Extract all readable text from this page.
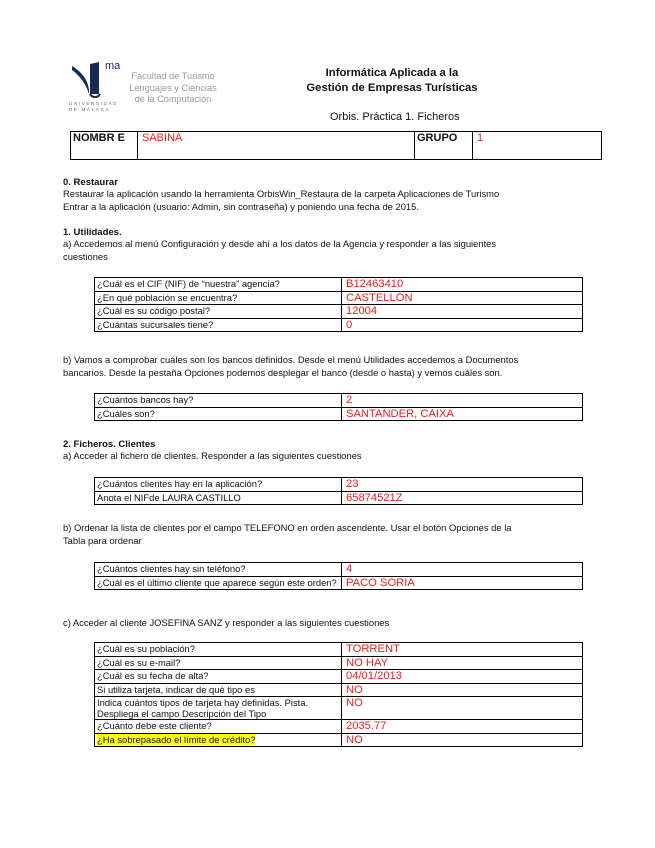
ma
Facultad de Turismo
Lenguajes y Ciencias
de la Computación
UNIVERSIDAD
DE MÁLAGA
Informática Aplicada a la
Gestión de Empresas Turísticas
Orbis. Práctica 1. Ficheros
NOMBR E	SABINA	GRUPO	1
0. Restaurar
Restaurar la aplicación usando la herramienta OrbisWin_Restaura de la carpeta Aplicaciones de Turismo
Entrar a la aplicación (usuario: Admin, sin contraseña) y poniendo una fecha de 2015.
1. Utilidades.
a) Accedemos al menú Configuración y desde ahí a los datos de la Agencia y responder a las siguientes
cuestiones
¿Cuál es el CIF (NIF) de “nuestra” agencia?	B12463410
¿En qué población se encuentra?	CASTELLÓN
¿Cuál es su código postal?	12004
¿Cuántas sucursales tiene?	0
b) Vamos a comprobar cuáles son los bancos definidos. Desde el menú Utilidades accedemos a Documentos
bancarios. Desde la pestaña Opciones podemos desplegar el banco (desde o hasta) y vemos cuáles son.
¿Cuántos bancos hay?	2
¿Cuáles son?	SANTANDER, CAIXA
2. Ficheros. Clientes
a) Acceder al fichero de clientes. Responder a las siguientes cuestiones
¿Cuántos clientes hay en la aplicación?	23
Anota el NIFde LAURA CASTILLO	65874521Z
b) Ordenar la lista de clientes por el campo TELEFONO en orden ascendente. Usar el botón Opciones de la
Tabla para ordenar
¿Cuántos clientes hay sin teléfono?	4
¿Cuál es el último cliente que aparece según este orden?	PACO SORIA
c) Acceder al cliente JOSEFINA SANZ y responder a las siguientes cuestiones
¿Cuál es su población?	TORRENT
¿Cuál es su e-mail?	NO HAY
¿Cuál es su fecha de alta?	04/01/2013
Si utiliza tarjeta, indicar de qué tipo es	NO
Indica cuántos tipos de tarjeta hay definidas. Pista. Despliega el campo Descripción del Tipo	NO
¿Cuánto debe este cliente?	2035.77
¿Ha sobrepasado el límite de crédito?	NO
